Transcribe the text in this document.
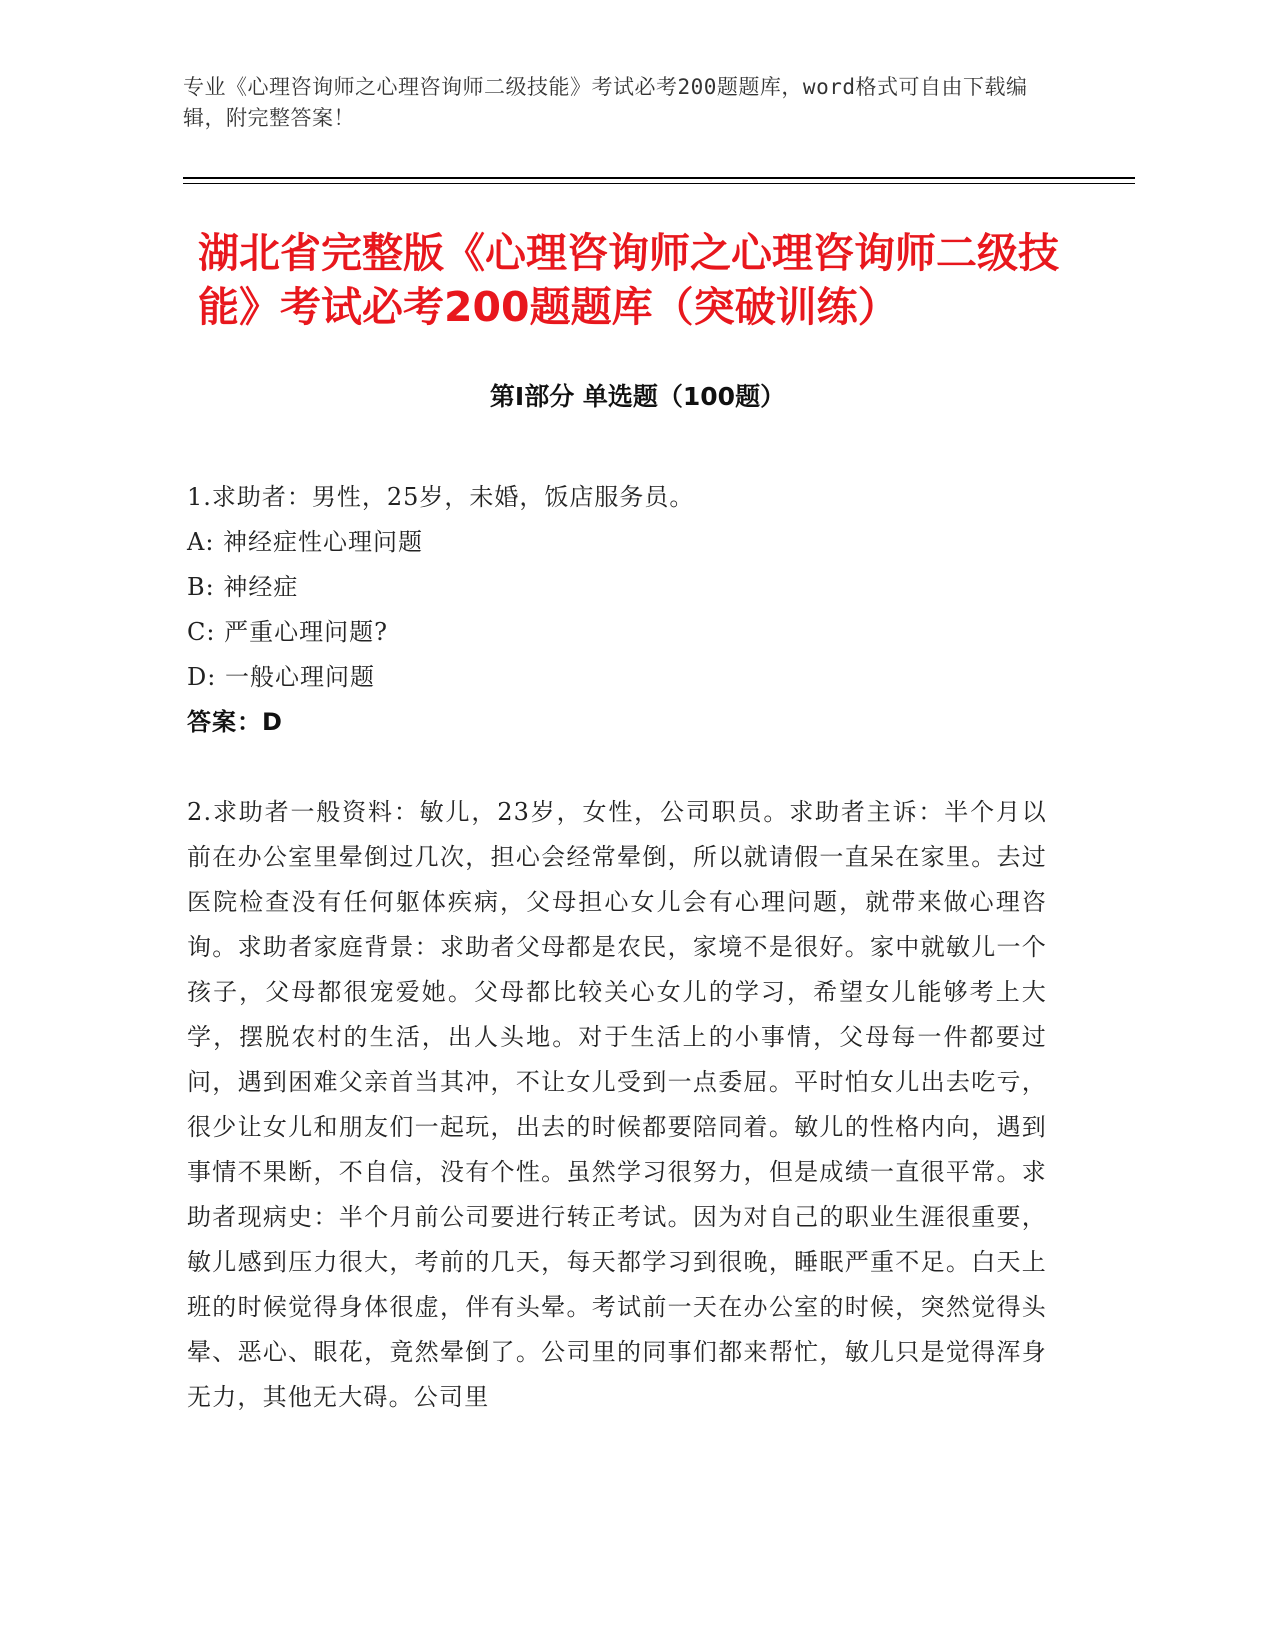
专业《心理咨询师之心理咨询师二级技能》考试必考200题题库，word格式可自由下载编辑，附完整答案！
湖北省完整版《心理咨询师之心理咨询师二级技能》考试必考200题题库（突破训练）
第Ⅰ部分 单选题（100题）
1.求助者：男性，25岁，未婚，饭店服务员。
A: 神经症性心理问题
B: 神经症
C: 严重心理问题?
D: 一般心理问题
答案：D
2.求助者一般资料：敏儿，23岁，女性，公司职员。求助者主诉：半个月以前在办公室里晕倒过几次，担心会经常晕倒，所以就请假一直呆在家里。去过医院检查没有任何躯体疾病，父母担心女儿会有心理问题，就带来做心理咨询。求助者家庭背景：求助者父母都是农民，家境不是很好。家中就敏儿一个孩子，父母都很宠爱她。父母都比较关心女儿的学习，希望女儿能够考上大学，摆脱农村的生活，出人头地。对于生活上的小事情，父母每一件都要过问，遇到困难父亲首当其冲，不让女儿受到一点委屈。平时怕女儿出去吃亏，很少让女儿和朋友们一起玩，出去的时候都要陪同着。敏儿的性格内向，遇到事情不果断，不自信，没有个性。虽然学习很努力，但是成绩一直很平常。求助者现病史：半个月前公司要进行转正考试。因为对自己的职业生涯很重要，敏儿感到压力很大，考前的几天，每天都学习到很晚，睡眠严重不足。白天上班的时候觉得身体很虚，伴有头晕。考试前一天在办公室的时候，突然觉得头晕、恶心、眼花，竟然晕倒了。公司里的同事们都来帮忙，敏儿只是觉得浑身无力，其他无大碍。公司里
